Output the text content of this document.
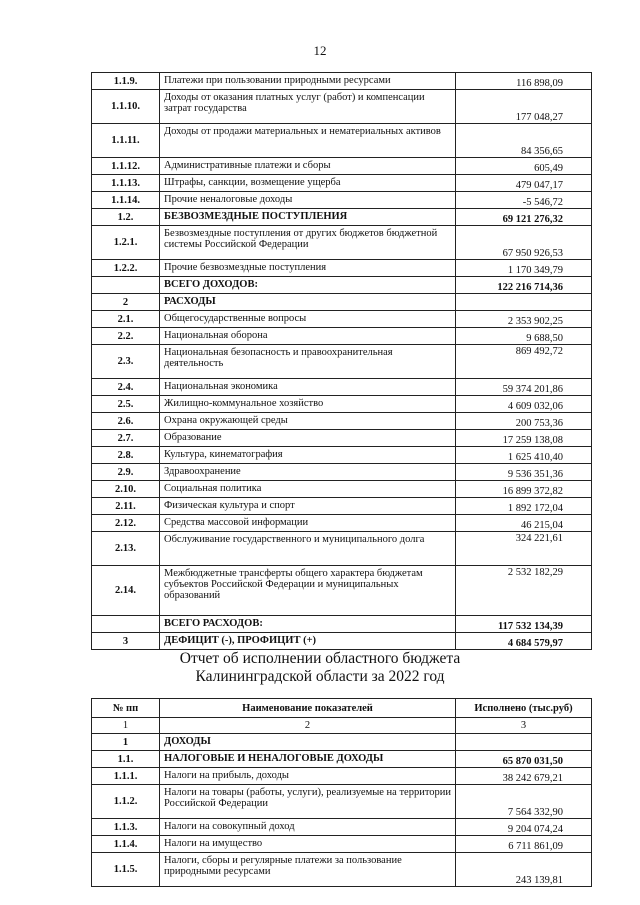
12
1.1.9.	Платежи при пользовании природными ресурсами	116 898,09
1.1.10.	Доходы от оказания платных услуг (работ) и компенсации затрат государства	177 048,27
1.1.11.	Доходы от продажи материальных и нематериальных активов	84 356,65
1.1.12.	Административные платежи и сборы	605,49
1.1.13.	Штрафы, санкции, возмещение ущерба	479 047,17
1.1.14.	Прочие неналоговые доходы	-5 546,72
1.2.	БЕЗВОЗМЕЗДНЫЕ ПОСТУПЛЕНИЯ	69 121 276,32
1.2.1.	Безвозмездные поступления от других бюджетов бюджетной системы Российской Федерации	67 950 926,53
1.2.2.	Прочие безвозмездные поступления	1 170 349,79
	ВСЕГО ДОХОДОВ:	122 216 714,36
2	РАСХОДЫ	
2.1.	Общегосударственные вопросы	2 353 902,25
2.2.	Национальная оборона	9 688,50
2.3.	Национальная безопасность и правоохранительная деятельность	869 492,72
2.4.	Национальная экономика	59 374 201,86
2.5.	Жилищно-коммунальное хозяйство	4 609 032,06
2.6.	Охрана окружающей среды	200 753,36
2.7.	Образование	17 259 138,08
2.8.	Культура, кинематография	1 625 410,40
2.9.	Здравоохранение	9 536 351,36
2.10.	Социальная политика	16 899 372,82
2.11.	Физическая культура и спорт	1 892 172,04
2.12.	Средства массовой информации	46 215,04
2.13.	Обслуживание государственного и муниципального долга	324 221,61
2.14.	Межбюджетные трансферты общего характера бюджетам субъектов Российской Федерации и муниципальных образований	2 532 182,29
	ВСЕГО РАСХОДОВ:	117 532 134,39
3	ДЕФИЦИТ (-), ПРОФИЦИТ (+)	4 684 579,97
Отчет об исполнении областного бюджета
Калининградской области за 2022 год
№ пп	Наименование показателей	Исполнено (тыс.руб)
1	2	3
1	ДОХОДЫ	
1.1.	НАЛОГОВЫЕ И НЕНАЛОГОВЫЕ ДОХОДЫ	65 870 031,50
1.1.1.	Налоги на прибыль, доходы	38 242 679,21
1.1.2.	Налоги на товары (работы, услуги), реализуемые на территории Российской Федерации	7 564 332,90
1.1.3.	Налоги на совокупный доход	9 204 074,24
1.1.4.	Налоги на имущество	6 711 861,09
1.1.5.	Налоги, сборы и регулярные платежи за пользование природными ресурсами	243 139,81
